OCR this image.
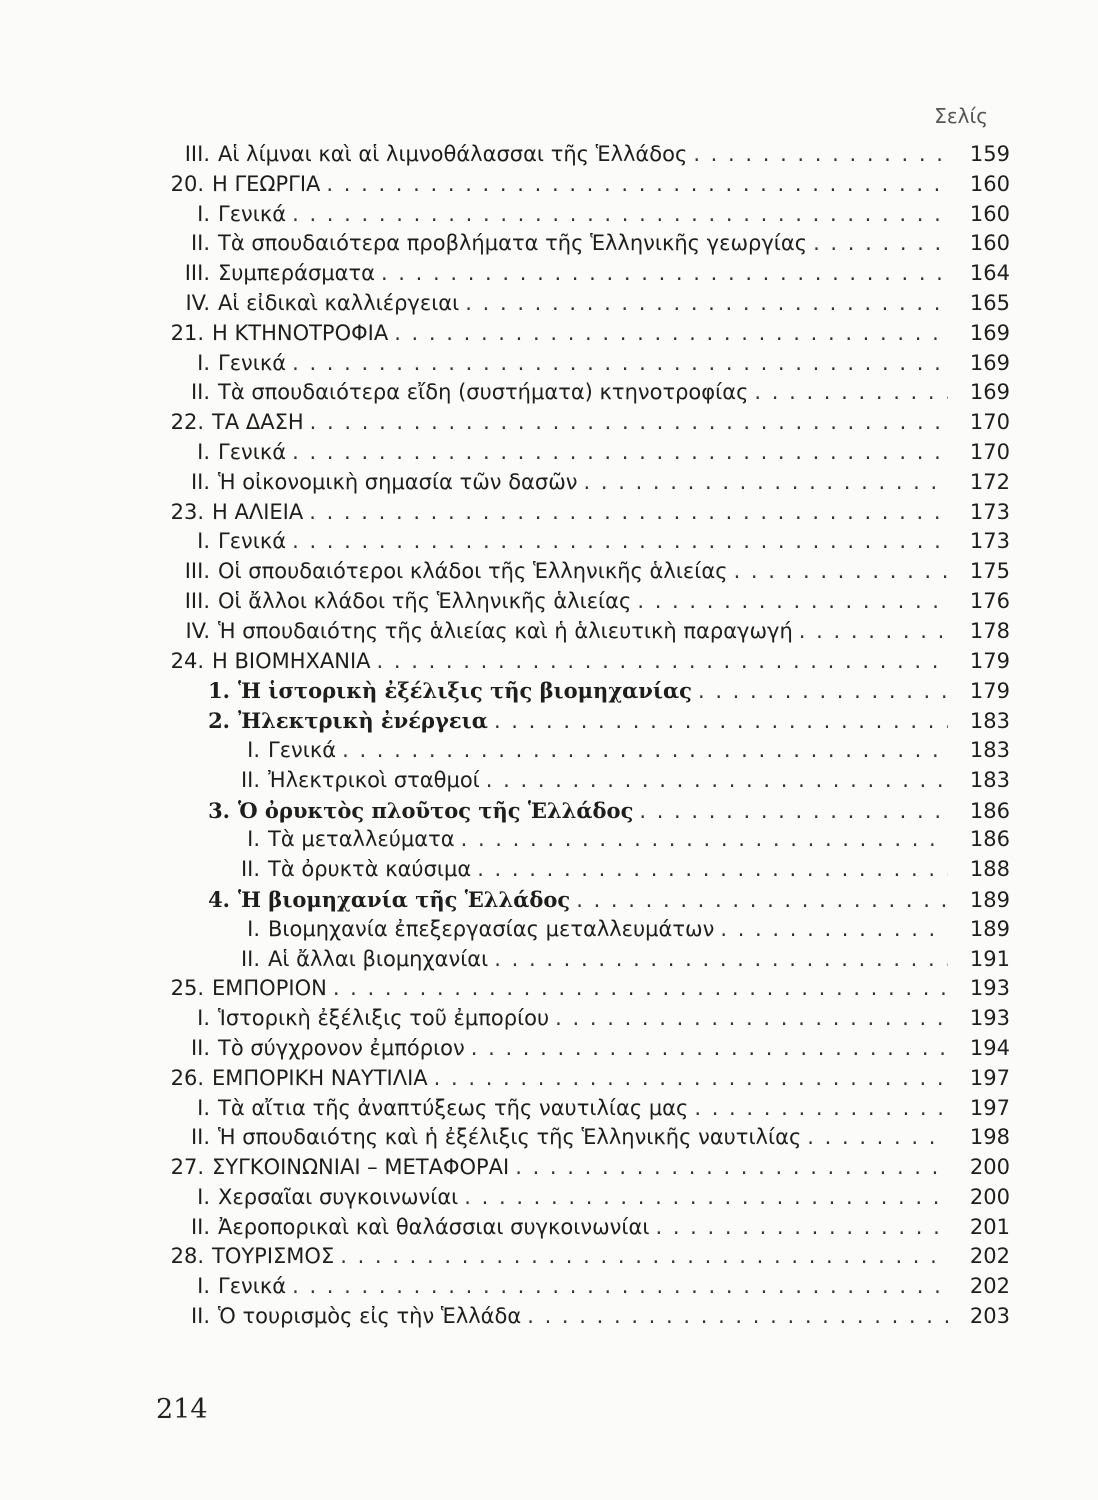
Σελίς
III. Αἱ λίμναι καὶ αἱ λιμνοθάλασσαι τῆς Ἑλλάδος . . .	159
20. Η ΓΕΩΡΓΙΑ . . .	160
I. Γενικά . . .	160
II. Τὰ σπουδαιότερα προβλήματα τῆς Ἑλληνικῆς γεωργίας . . .	160
III. Συμπεράσματα . . .	164
IV. Αἱ εἰδικαὶ καλλιέργειαι . . .	165
21. Η ΚΤΗΝΟΤΡΟΦΙΑ . . .	169
I. Γενικά . . .	169
II. Τὰ σπουδαιότερα εἴδη (συστήματα) κτηνοτροφίας . . .	169
22. ΤΑ ΔΑΣΗ . . .	170
I. Γενικά . . .	170
II. Ἡ οἰκονομικὴ σημασία τῶν δασῶν . . .	172
23. Η ΑΛΙΕΙΑ . . .	173
I. Γενικά . . .	173
III. Οἱ σπουδαιότεροι κλάδοι τῆς Ἑλληνικῆς ἁλιείας . . .	175
III. Οἱ ἄλλοι κλάδοι τῆς Ἑλληνικῆς ἁλιείας . . .	176
IV. Ἡ σπουδαιότης τῆς ἁλιείας καὶ ἡ ἁλιευτικὴ παραγωγή . . .	178
24. Η ΒΙΟΜΗΧΑΝΙΑ . . .	179
1. Ἡ ἱστορικὴ ἐξέλιξις τῆς βιομηχανίας . . .	179
2. Ἠλεκτρικὴ ἐνέργεια . . .	183
I. Γενικά . . .	183
II. Ἠλεκτρικοὶ σταθμοί . . .	183
3. Ὁ ὀρυκτὸς πλοῦτος τῆς Ἑλλάδος . . .	186
I. Τὰ μεταλλεύματα . . .	186
II. Τὰ ὀρυκτὰ καύσιμα . . .	188
4. Ἡ βιομηχανία τῆς Ἑλλάδος . . .	189
I. Βιομηχανία ἐπεξεργασίας μεταλλευμάτων . . .	189
II. Αἱ ἄλλαι βιομηχανίαι . . .	191
25. ΕΜΠΟΡΙΟΝ . . .	193
I. Ἱστορικὴ ἐξέλιξις τοῦ ἐμπορίου . . .	193
II. Τὸ σύγχρονον ἐμπόριον . . .	194
26. ΕΜΠΟΡΙΚΗ ΝΑΥΤΙΛΙΑ . . .	197
I. Τὰ αἴτια τῆς ἀναπτύξεως τῆς ναυτιλίας μας . . .	197
II. Ἡ σπουδαιότης καὶ ἡ ἐξέλιξις τῆς Ἑλληνικῆς ναυτιλίας . . .	198
27. ΣΥΓΚΟΙΝΩΝΙΑΙ – ΜΕΤΑΦΟΡΑΙ . . .	200
I. Χερσαῖαι συγκοινωνίαι . . .	200
II. Ἀεροπορικαὶ καὶ θαλάσσιαι συγκοινωνίαι . . .	201
28. ΤΟΥΡΙΣΜΟΣ . . .	202
I. Γενικά . . .	202
II. Ὁ τουρισμὸς εἰς τὴν Ἑλλάδα . . .	203
214
